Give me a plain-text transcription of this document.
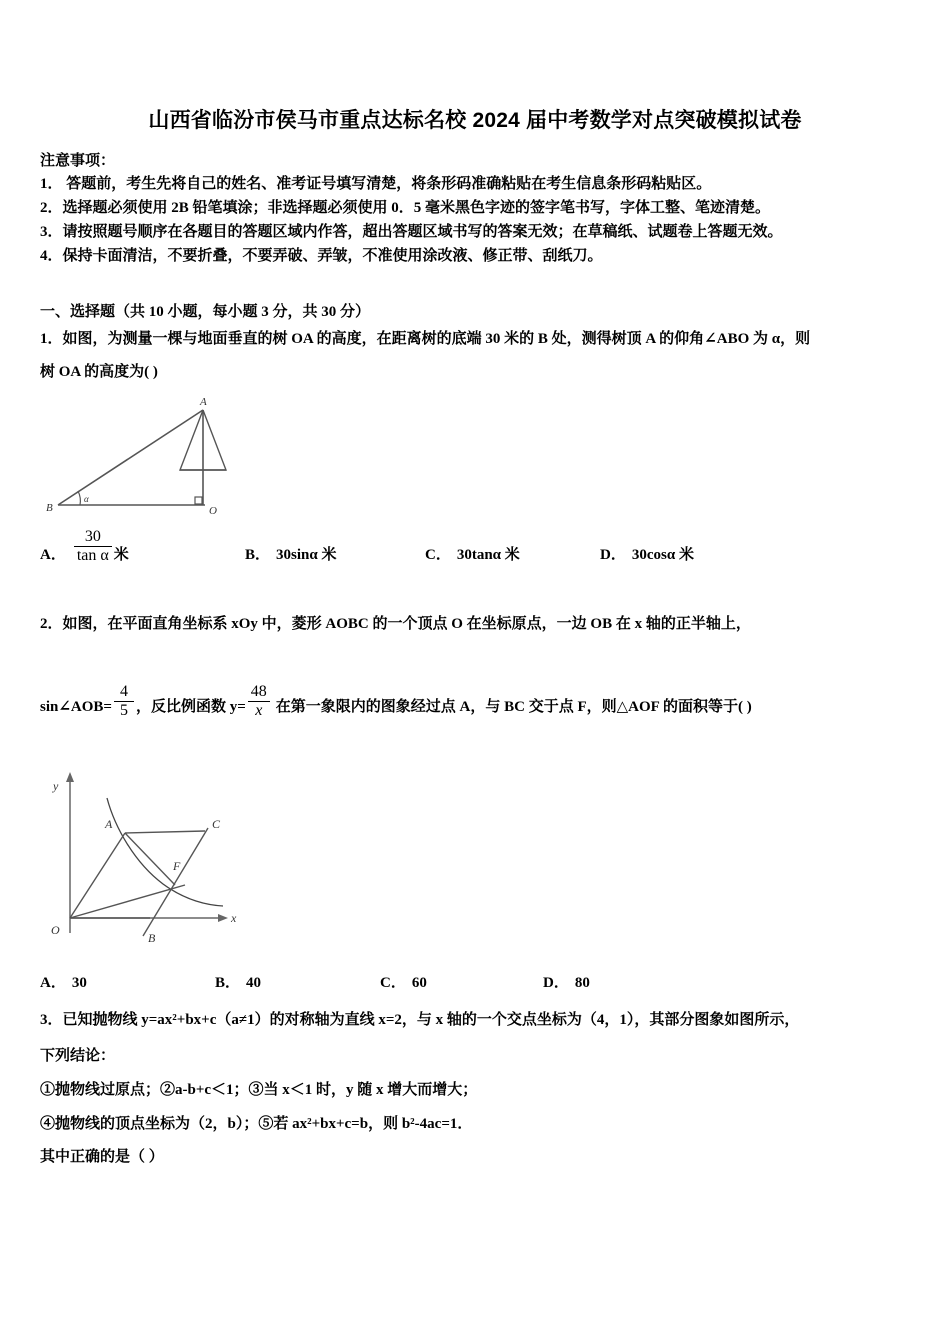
山西省临汾市侯马市重点达标名校 2024 届中考数学对点突破模拟试卷
注意事项：
1． 答题前，考生先将自己的姓名、准考证号填写清楚，将条形码准确粘贴在考生信息条形码粘贴区。
2．选择题必须使用 2B 铅笔填涂；非选择题必须使用 0．5 毫米黑色字迹的签字笔书写，字体工整、笔迹清楚。
3．请按照题号顺序在各题目的答题区域内作答，超出答题区域书写的答案无效；在草稿纸、试题卷上答题无效。
4．保持卡面清洁，不要折叠，不要弄破、弄皱，不准使用涂改液、修正带、刮纸刀。
一、选择题（共 10 小题，每小题 3 分，共 30 分）
1．如图，为测量一棵与地面垂直的树 OA 的高度，在距离树的底端 30 米的 B 处，测得树顶 A 的仰角∠ABO 为 α，则
树 OA 的高度为( )
A
B	O
α
A． $\frac{30}{\text{tan α}}$ 米	B． 30sinα 米	C． 30tanα 米	D． 30cosα 米
2．如图，在平面直角坐标系 xOy 中，菱形 AOBC 的一个顶点 O 在坐标原点，一边 OB 在 x 轴的正半轴上，
sin∠AOB= $\frac{4}{5}$ ，反比例函数 $y= \frac{48}{x}$ 在第一象限内的图象经过点 A，与 BC 交于点 F，则△AOF 的面积等于( )
y
x
O
A
B
C
F
A． 30	B． 40	C． 60	D． 80
3．已知抛物线 y=ax²+bx+c（a≠1）的对称轴为直线 x=2，与 x 轴的一个交点坐标为（4，1），其部分图象如图所示，
下列结论：
①抛物线过原点；②a‑b+c＜1；③当 x＜1 时，y 随 x 增大而增大；
④抛物线的顶点坐标为（2，b）；⑤若 ax²+bx+c=b，则 b²‑4ac=1．
其中正确的是（ ）
